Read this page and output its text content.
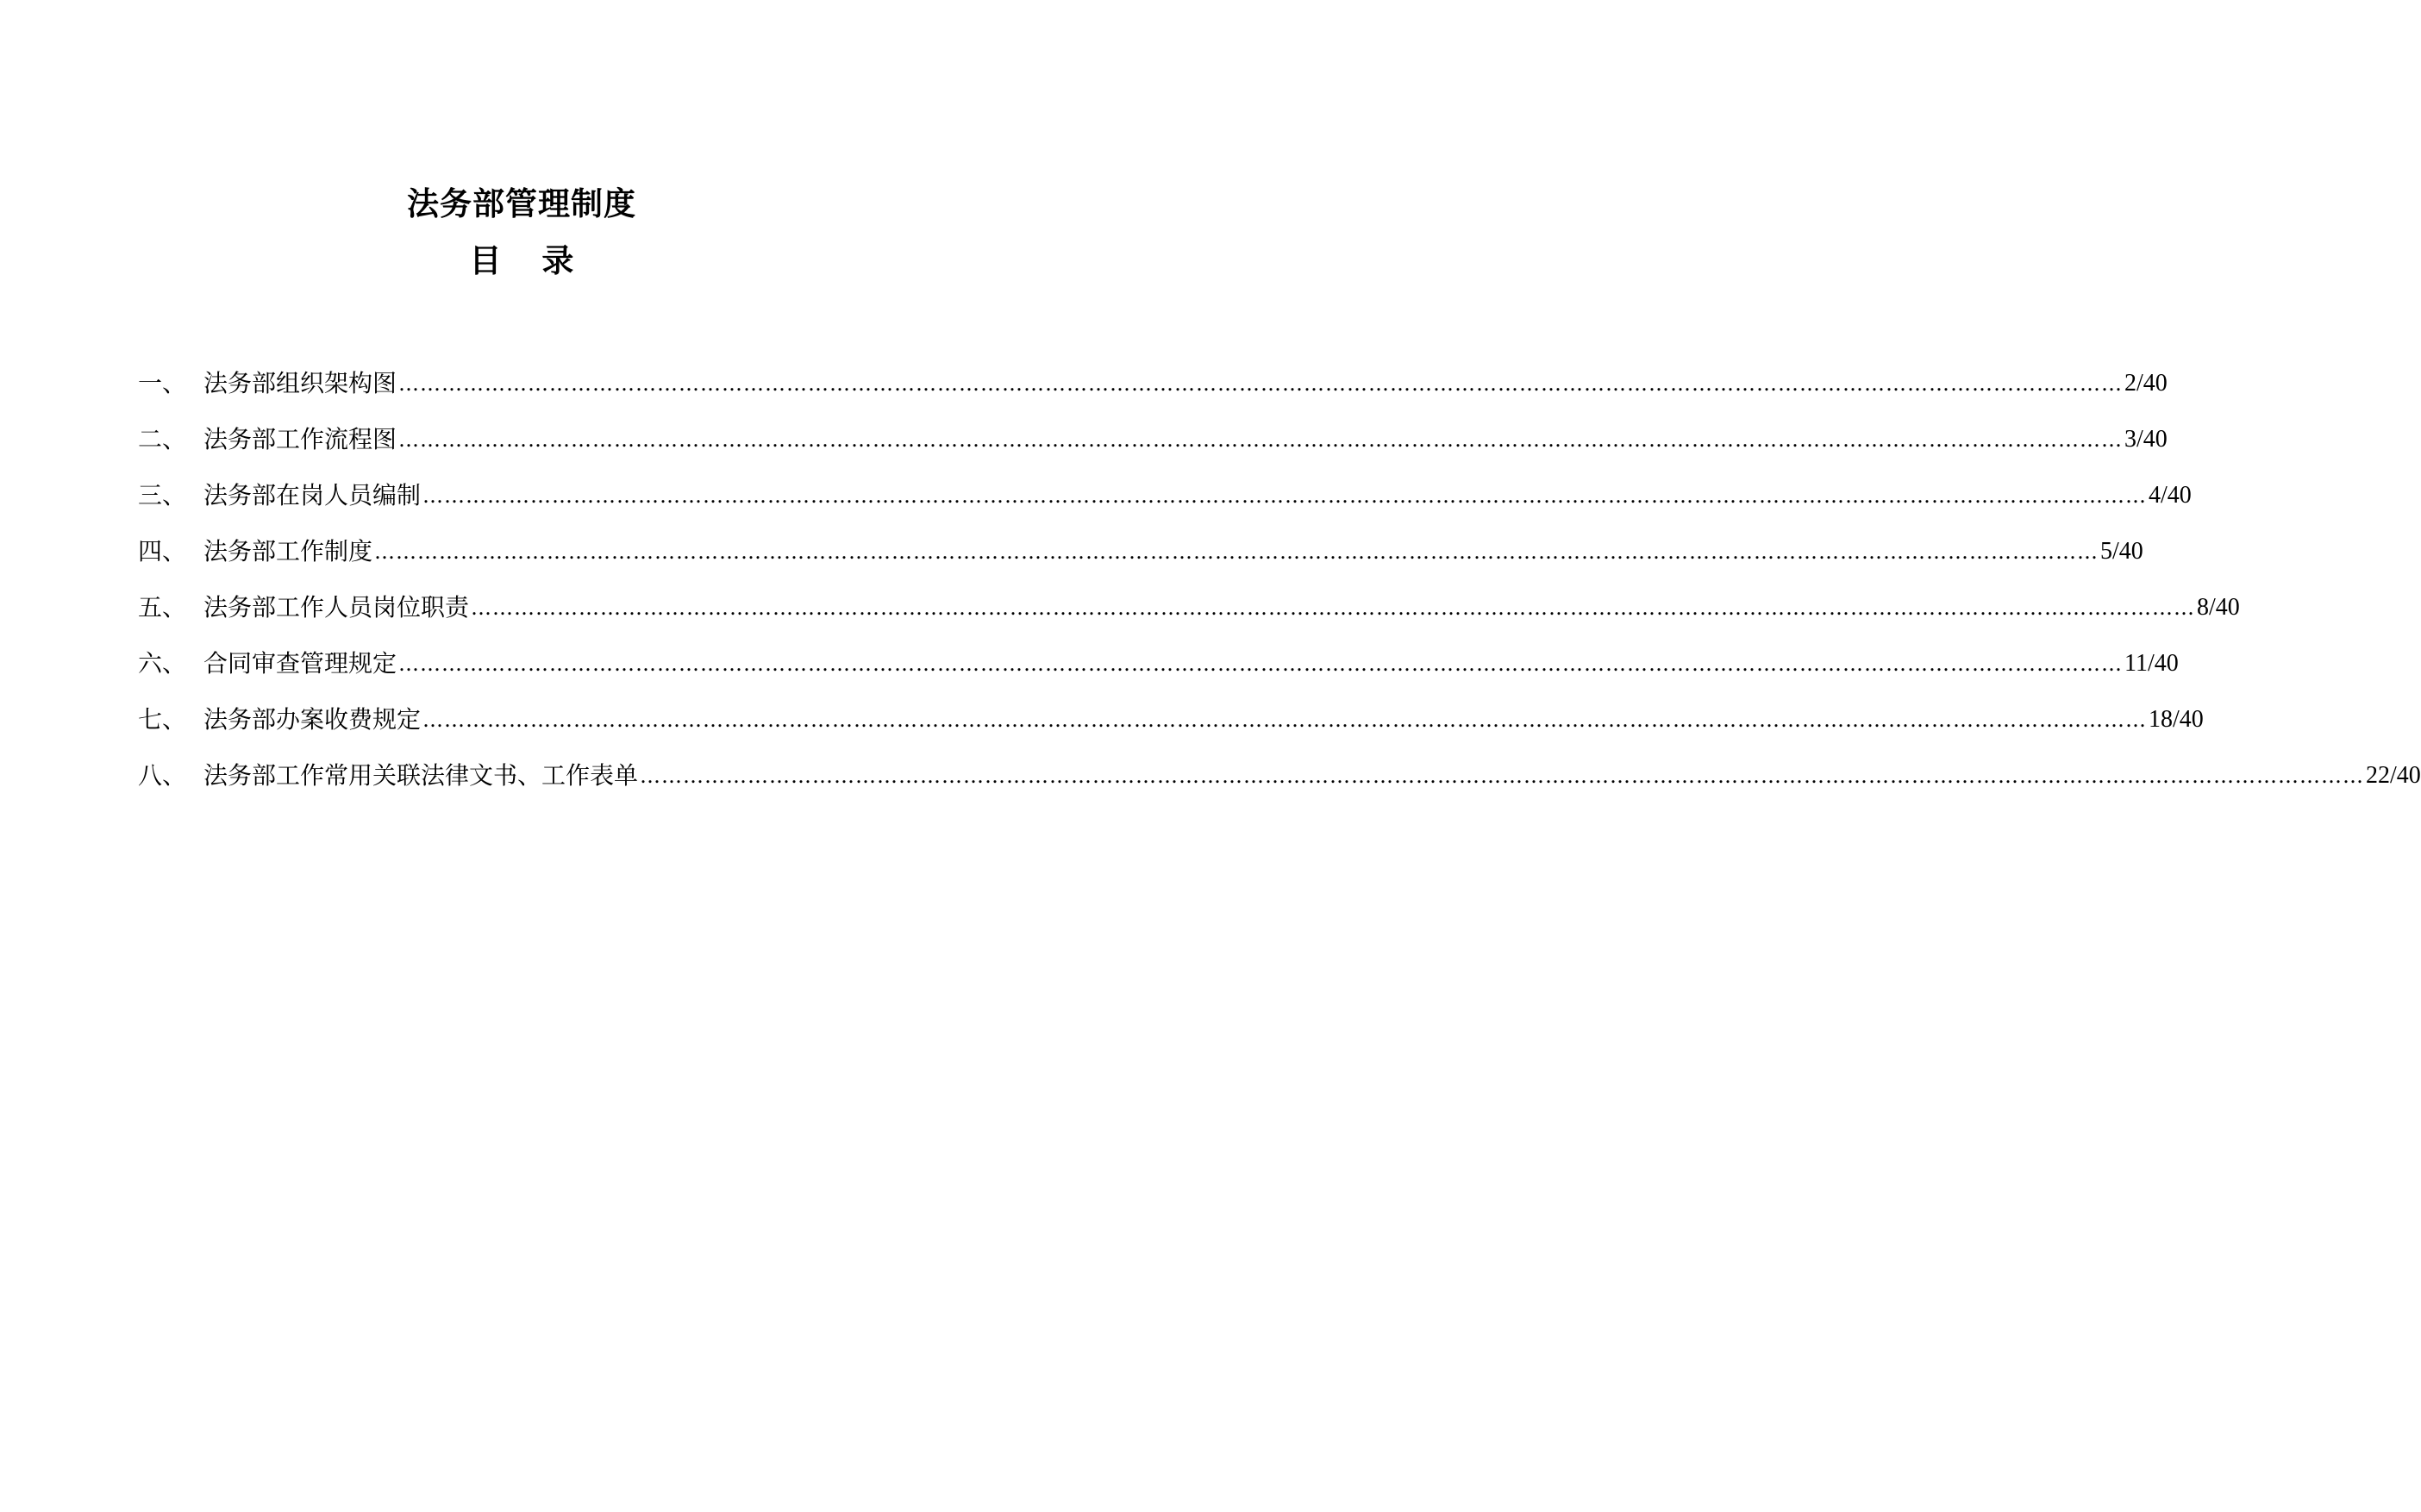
法务部管理制度
目 录
一、 法务部组织架构图 …………………………………………………………………………………………………………………………………………………………………………………………………………………… 2/40
二、 法务部工作流程图 …………………………………………………………………………………………………………………………………………………………………………………………………………………… 3/40
三、 法务部在岗人员编制 …………………………………………………………………………………………………………………………………………………………………………………………………………………… 4/40
四、 法务部工作制度 …………………………………………………………………………………………………………………………………………………………………………………………………………………… 5/40
五、 法务部工作人员岗位职责 …………………………………………………………………………………………………………………………………………………………………………………………………………………… 8/40
六、 合同审查管理规定 …………………………………………………………………………………………………………………………………………………………………………………………………………………… 11/40
七、 法务部办案收费规定 …………………………………………………………………………………………………………………………………………………………………………………………………………………… 18/40
八、 法务部工作常用关联法律文书、工作表单 …………………………………………………………………………………………………………………………………………………………………………………………………………………… 22/40
